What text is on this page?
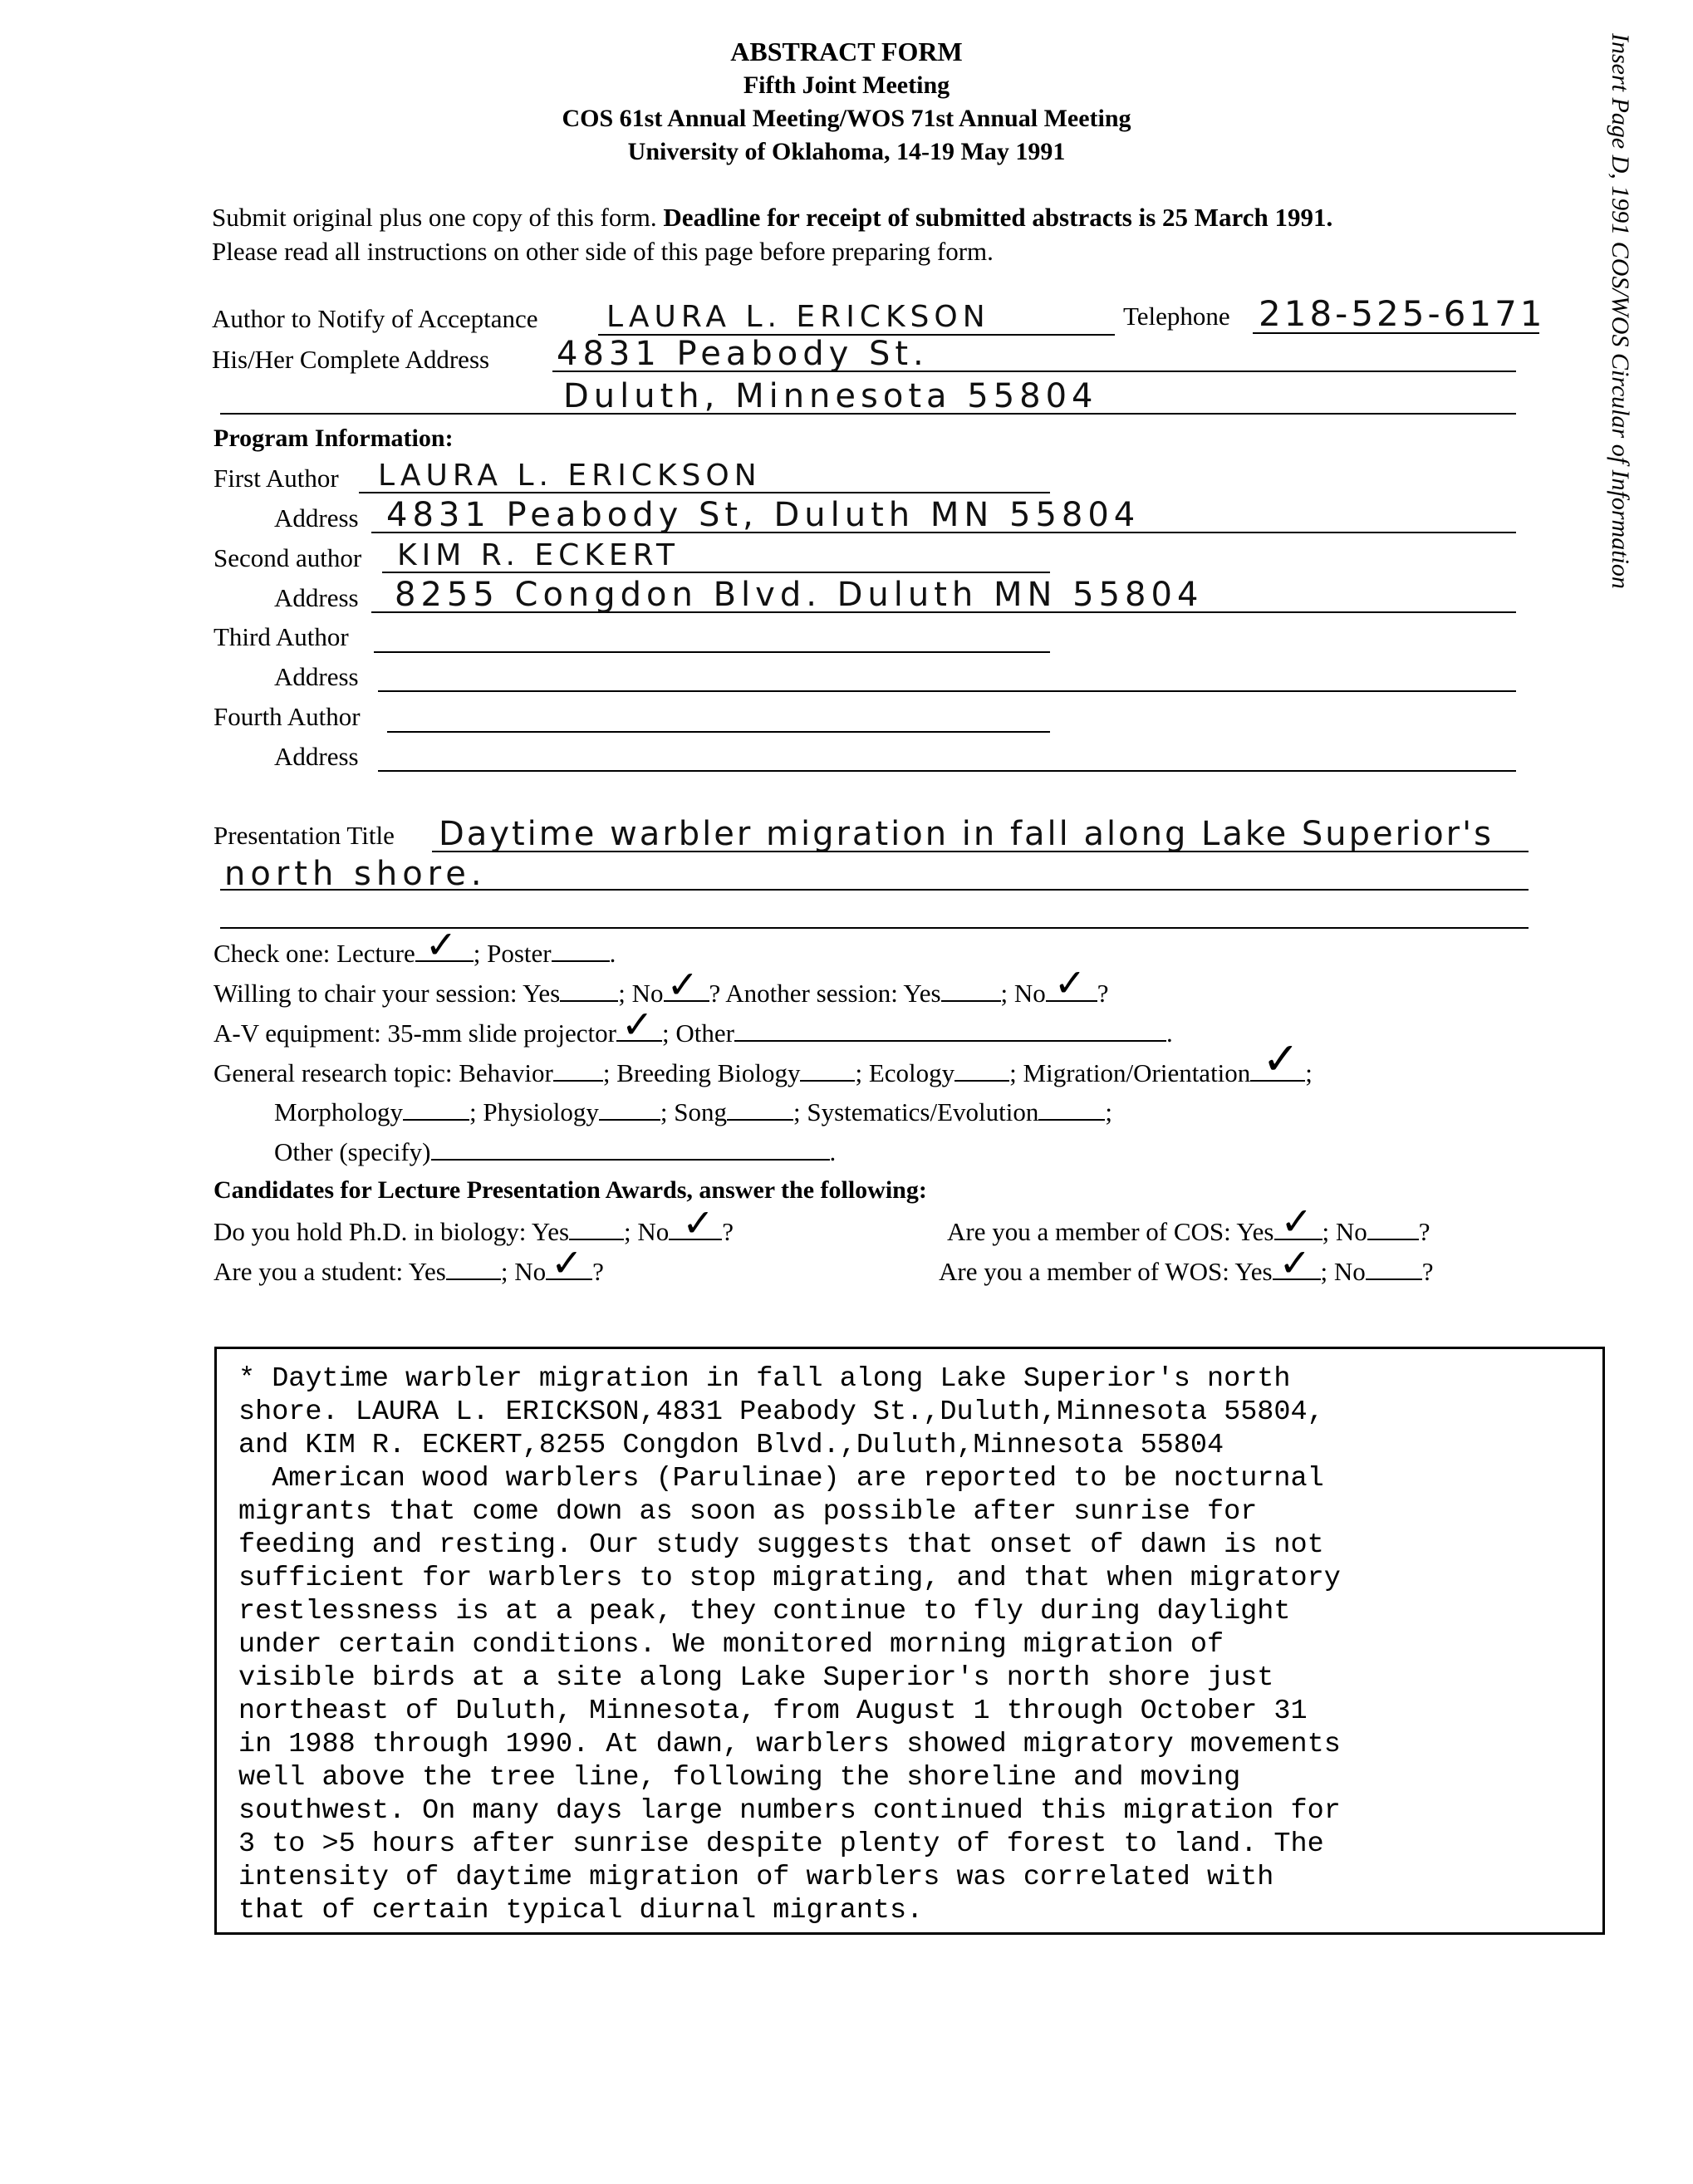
ABSTRACT FORM
Fifth Joint Meeting
COS 61st Annual Meeting/WOS 71st Annual Meeting
University of Oklahoma, 14-19 May 1991	Insert Page D, 1991 COS/WOS Circular of Information
Submit original plus one copy of this form. Deadline for receipt of submitted abstracts is 25 March 1991.
Please read all instructions on other side of this page before preparing form.
Author to Notify of Acceptance LAURA L. ERICKSON	Telephone 218-525-6171
His/Her Complete Address 4831 Peabody St.
Duluth, Minnesota 55804
Program Information:
First Author LAURA L. ERICKSON
Address 4831 Peabody St, Duluth MN 55804
Second author KIM R. ECKERT
Address 8255 Congdon Blvd. Duluth MN 55804
Third Author
Address
Fourth Author
Address
Presentation Title Daytime warbler migration in fall along Lake Superior's
north shore.
Check one: Lecture ✓ ; Poster .
Willing to chair your session: Yes ; No ✓ ? Another session: Yes ; No ✓ ?
A-V equipment: 35-mm slide projector ✓ ; Other	.
General research topic: Behavior ; Breeding Biology ; Ecology ; Migration/Orientation ✓ ;
Morphology	; Physiology ; Song	; Systematics/Evolution	;
Other (specify)	.
Candidates for Lecture Presentation Awards, answer the following:
Do you hold Ph.D. in biology: Yes ; No ✓ ?	Are you a member of COS: Yes ✓ ; No ?
Are you a student: Yes ; No ✓ ?	Are you a member of WOS: Yes ✓ ; No ?
* Daytime warbler migration in fall along Lake Superior's north
shore. LAURA L. ERICKSON,4831 Peabody St.,Duluth,Minnesota 55804,
and KIM R. ECKERT,8255 Congdon Blvd.,Duluth,Minnesota 55804
American wood warblers (Parulinae) are reported to be nocturnal
migrants that come down as soon as possible after sunrise for
feeding and resting. Our study suggests that onset of dawn is not
sufficient for warblers to stop migrating, and that when migratory
restlessness is at a peak, they continue to fly during daylight
under certain conditions. We monitored morning migration of
visible birds at a site along Lake Superior's north shore just
northeast of Duluth, Minnesota, from August 1 through October 31
in 1988 through 1990. At dawn, warblers showed migratory movements
well above the tree line, following the shoreline and moving
southwest. On many days large numbers continued this migration for
3 to >5 hours after sunrise despite plenty of forest to land. The
intensity of daytime migration of warblers was correlated with
that of certain typical diurnal migrants.
